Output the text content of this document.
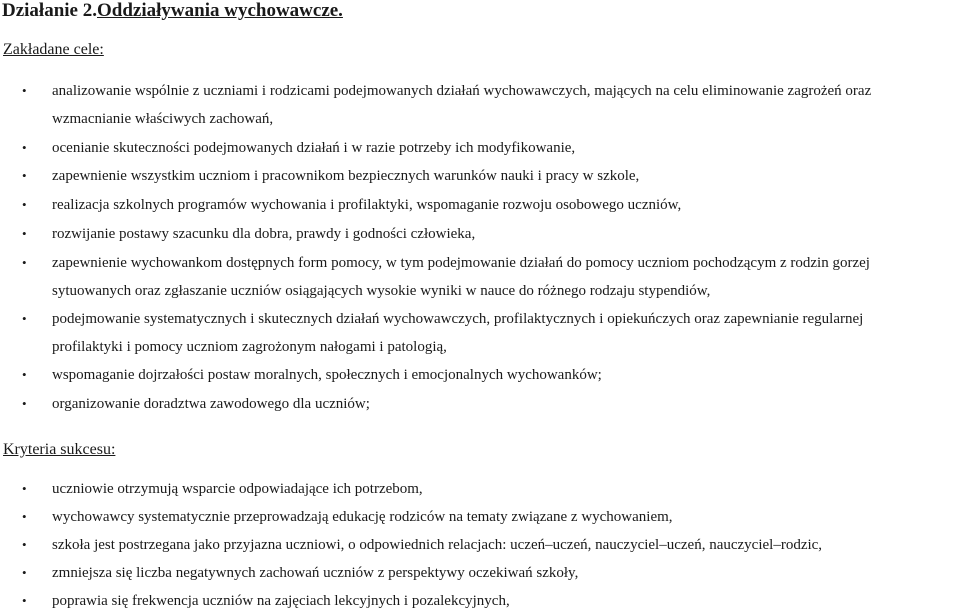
Działanie 2.Oddziaływania wychowawcze.
Zakładane cele:
• analizowanie wspólnie z uczniami i rodzicami podejmowanych działań wychowawczych, mających na celu eliminowanie zagrożeń oraz
wzmacnianie właściwych zachowań,
• ocenianie skuteczności podejmowanych działań i w razie potrzeby ich modyfikowanie,
• zapewnienie wszystkim uczniom i pracownikom bezpiecznych warunków nauki i pracy w szkole,
• realizacja szkolnych programów wychowania i profilaktyki, wspomaganie rozwoju osobowego uczniów,
• rozwijanie postawy szacunku dla dobra, prawdy i godności człowieka,
• zapewnienie wychowankom dostępnych form pomocy, w tym podejmowanie działań do pomocy uczniom pochodzącym z rodzin gorzej
sytuowanych oraz zgłaszanie uczniów osiągających wysokie wyniki w nauce do różnego rodzaju stypendiów,
• podejmowanie systematycznych i skutecznych działań wychowawczych, profilaktycznych i opiekuńczych oraz zapewnianie regularnej
profilaktyki i pomocy uczniom zagrożonym nałogami i patologią,
• wspomaganie dojrzałości postaw moralnych, społecznych i emocjonalnych wychowanków;
• organizowanie doradztwa zawodowego dla uczniów;
Kryteria sukcesu:
• uczniowie otrzymują wsparcie odpowiadające ich potrzebom,
• wychowawcy systematycznie przeprowadzają edukację rodziców na tematy związane z wychowaniem,
• szkoła jest postrzegana jako przyjazna uczniowi, o odpowiednich relacjach: uczeń–uczeń, nauczyciel–uczeń, nauczyciel–rodzic,
• zmniejsza się liczba negatywnych zachowań uczniów z perspektywy oczekiwań szkoły,
• poprawia się frekwencja uczniów na zajęciach lekcyjnych i pozalekcyjnych,
